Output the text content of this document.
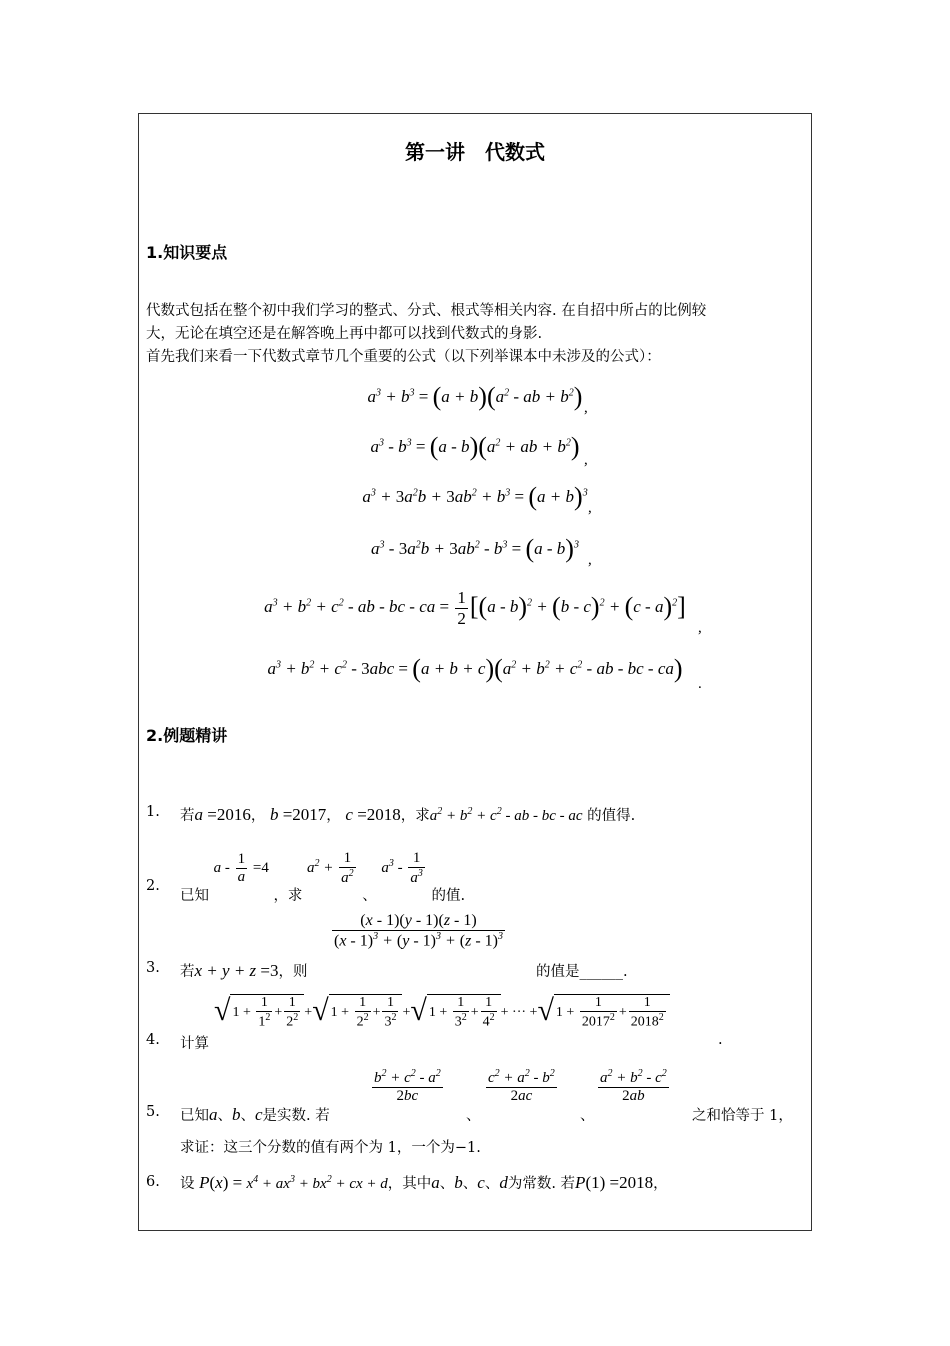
第一讲　代数式
1.知识要点
代数式包括在整个初中我们学习的整式、分式、根式等相关内容. 在自招中所占的比例较
大，无论在填空还是在解答晚上再中都可以找到代数式的身影.
首先我们来看一下代数式章节几个重要的公式（以下列举课本中未涉及的公式）：
$a^3 + b^3 = (a + b)(a^2$ - ab + $b^2$) ,
$a^3 - b^3 = (a - b)(a^2$ + ab + $b^2$) ,
$a^3 + 3a^2b + 3ab^2 + b^3 = (a + b)^3$
,
$a^3 - 3a^2b + 3ab^2 - b^3 = (a - b)^3$
,
$a^3 + b^2 + c^2$ - ab - bc - ca = $\frac{1}{2} [(a - b)^2 + (b - c)^2 + (c - a)^2]$
,
$a^3 + b^2 + c^2 - 3abc = (a + b + c)(a^2 + b^2 + c^2$ - ab - bc - ca)
.
2.例题精讲
1. 若a =2016， b =2017， c =2018，求$a^2 + b^2 + c^2$ - ab - bc - ac 的值得.
2.
已知 $a - \frac{1}{a} =4$ ，求 $a^2 + \frac{1}{a^2}$
、 $a^3 - \frac{1}{a^3}$
的值.
3. 若x + y + z =3，则
$\frac{(x - 1)(y - 1)(z - 1)}{(x - 1)^3 + (y - 1)^3 + (z - 1)^3}$
的值是______.
4. 计算
√ $1 + \frac{1}{1^2} + \frac{1}{2^2}$ +√ $1 + \frac{1}{2^2} + \frac{1}{3^2}$ +√ $1 + \frac{1}{3^2} + \frac{1}{4^2}$ + ··· +√ $1 + \frac{1}{2017^2} + \frac{1}{2018^2}$
.
5. 已知a、b、c是实数. 若
$\frac{b^2 + c^2 - a^2}{2bc}$
、
$\frac{c^2 + a^2 - b^2}{2ac}$
、
$\frac{a^2 + b^2 - c^2}{2ab}$
之和恰等于 1，
求证：这三个分数的值有两个为 1，一个为−1.
6. 设 $P(x) = x^4 + ax^3 + bx^2$ + cx + d，其中a、b、c、d为常数. 若P(1) =2018，
